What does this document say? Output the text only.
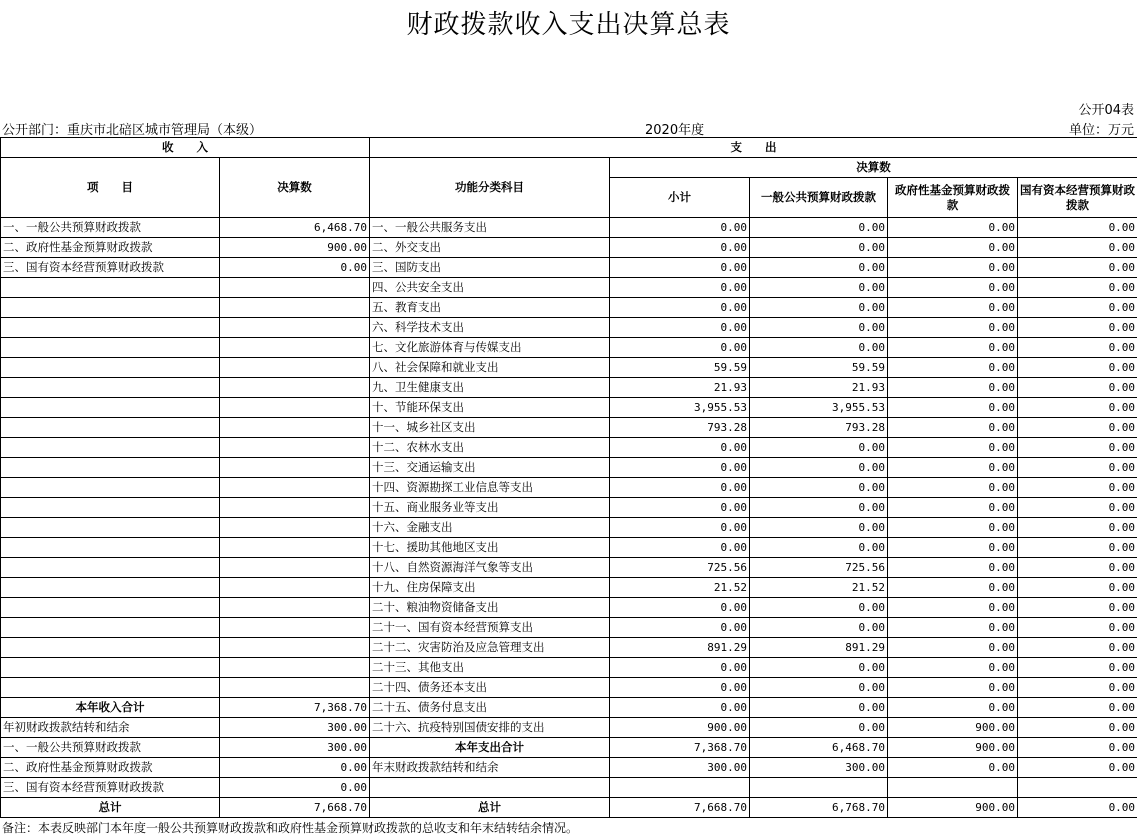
财政拨款收入支出决算总表
公开04表
公开部门：重庆市北碚区城市管理局（本级）	2020年度	单位：万元
收　　入		支　　出				
项　　目	决算数	功能分类科目	决算数			
			小计	一般公共预算财政拨款	政府性基金预算财政拨款	国有资本经营预算财政拨款
一、一般公共预算财政拨款	6,468.70	一、一般公共服务支出	0.00	0.00	0.00	0.00
二、政府性基金预算财政拨款	900.00	二、外交支出	0.00	0.00	0.00	0.00
三、国有资本经营预算财政拨款	0.00	三、国防支出	0.00	0.00	0.00	0.00
		四、公共安全支出	0.00	0.00	0.00	0.00
		五、教育支出	0.00	0.00	0.00	0.00
		六、科学技术支出	0.00	0.00	0.00	0.00
		七、文化旅游体育与传媒支出	0.00	0.00	0.00	0.00
		八、社会保障和就业支出	59.59	59.59	0.00	0.00
		九、卫生健康支出	21.93	21.93	0.00	0.00
		十、节能环保支出	3,955.53	3,955.53	0.00	0.00
		十一、城乡社区支出	793.28	793.28	0.00	0.00
		十二、农林水支出	0.00	0.00	0.00	0.00
		十三、交通运输支出	0.00	0.00	0.00	0.00
		十四、资源勘探工业信息等支出	0.00	0.00	0.00	0.00
		十五、商业服务业等支出	0.00	0.00	0.00	0.00
		十六、金融支出	0.00	0.00	0.00	0.00
		十七、援助其他地区支出	0.00	0.00	0.00	0.00
		十八、自然资源海洋气象等支出	725.56	725.56	0.00	0.00
		十九、住房保障支出	21.52	21.52	0.00	0.00
		二十、粮油物资储备支出	0.00	0.00	0.00	0.00
		二十一、国有资本经营预算支出	0.00	0.00	0.00	0.00
		二十二、灾害防治及应急管理支出	891.29	891.29	0.00	0.00
		二十三、其他支出	0.00	0.00	0.00	0.00
		二十四、债务还本支出	0.00	0.00	0.00	0.00
本年收入合计	7,368.70	二十五、债务付息支出	0.00	0.00	0.00	0.00
年初财政拨款结转和结余	300.00	二十六、抗疫特别国债安排的支出	900.00	0.00	900.00	0.00
一、一般公共预算财政拨款	300.00	本年支出合计	7,368.70	6,468.70	900.00	0.00
二、政府性基金预算财政拨款	0.00	年末财政拨款结转和结余	300.00	300.00	0.00	0.00
三、国有资本经营预算财政拨款	0.00					
总计	7,668.70	总计	7,668.70	6,768.70	900.00	0.00
备注：本表反映部门本年度一般公共预算财政拨款和政府性基金预算财政拨款的总收支和年末结转结余情况。
